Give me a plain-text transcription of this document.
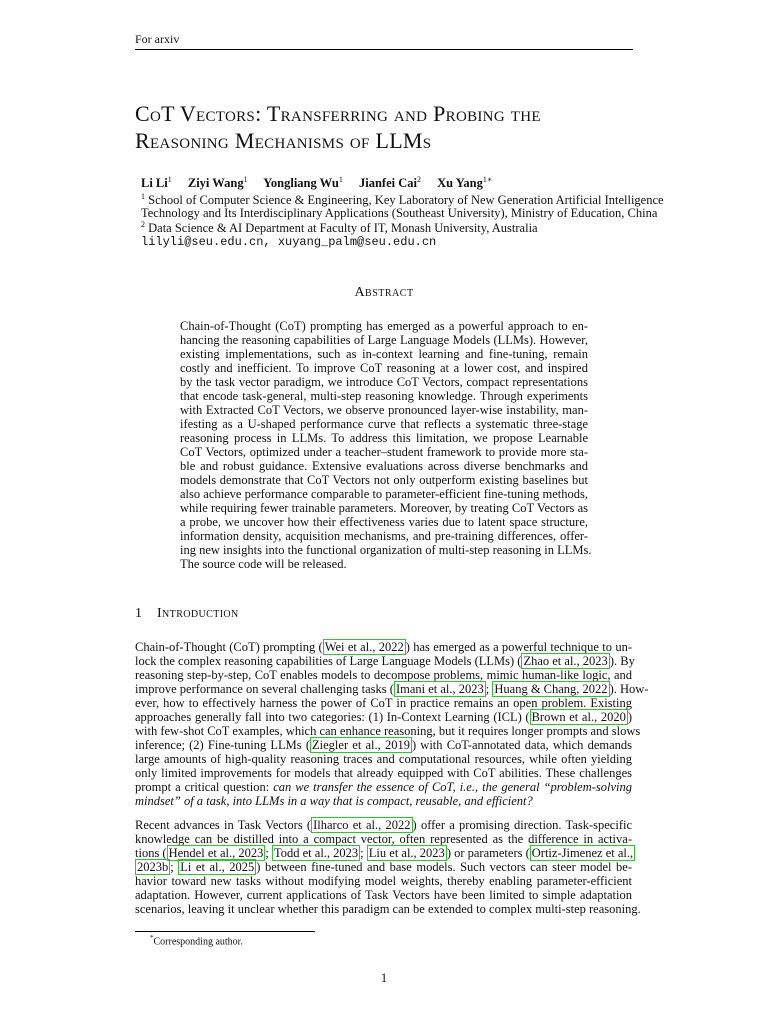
For arxiv
CoT Vectors: Transferring and Probing the
Reasoning Mechanisms of LLMs
Li Li$^1$ Ziyi Wang$^1$ Yongliang Wu$^1$ Jianfei Cai$^2$ Xu Yang$^{1∗}$
$^1$ School of Computer Science & Engineering, Key Laboratory of New Generation Artificial Intelligence
Technology and Its Interdisciplinary Applications (Southeast University), Ministry of Education, China
$^2$ Data Science & AI Department at Faculty of IT, Monash University, Australia
lilyli@seu.edu.cn, xuyang_palm@seu.edu.cn
Abstract
Chain-of-Thought (CoT) prompting has emerged as a powerful approach to en-
hancing the reasoning capabilities of Large Language Models (LLMs). However,
existing implementations, such as in-context learning and fine-tuning, remain
costly and inefficient. To improve CoT reasoning at a lower cost, and inspired
by the task vector paradigm, we introduce CoT Vectors, compact representations
that encode task-general, multi-step reasoning knowledge. Through experiments
with Extracted CoT Vectors, we observe pronounced layer-wise instability, man-
ifesting as a U-shaped performance curve that reflects a systematic three-stage
reasoning process in LLMs. To address this limitation, we propose Learnable
CoT Vectors, optimized under a teacher–student framework to provide more sta-
ble and robust guidance. Extensive evaluations across diverse benchmarks and
models demonstrate that CoT Vectors not only outperform existing baselines but
also achieve performance comparable to parameter-efficient fine-tuning methods,
while requiring fewer trainable parameters. Moreover, by treating CoT Vectors as
a probe, we uncover how their effectiveness varies due to latent space structure,
information density, acquisition mechanisms, and pre-training differences, offer-
ing new insights into the functional organization of multi-step reasoning in LLMs.
The source code will be released.
1 Introduction
Chain-of-Thought (CoT) prompting ( Wei et al., 2022 ) has emerged as a powerful technique to un-
lock the complex reasoning capabilities of Large Language Models (LLMs) ( Zhao et al., 2023 ). By
reasoning step-by-step, CoT enables models to decompose problems, mimic human-like logic, and
improve performance on several challenging tasks ( Imani et al., 2023 ; Huang & Chang, 2022 ). How-
ever, how to effectively harness the power of CoT in practice remains an open problem. Existing
approaches generally fall into two categories: (1) In-Context Learning (ICL) ( Brown et al., 2020 )
with few-shot CoT examples, which can enhance reasoning, but it requires longer prompts and slows
inference; (2) Fine-tuning LLMs ( Ziegler et al., 2019 ) with CoT-annotated data, which demands
large amounts of high-quality reasoning traces and computational resources, while often yielding
only limited improvements for models that already equipped with CoT abilities. These challenges
prompt a critical question: can we transfer the essence of CoT, i.e., the general “problem-solving
mindset” of a task, into LLMs in a way that is compact, reusable, and efficient?
Recent advances in Task Vectors ( Ilharco et al., 2022 ) offer a promising direction. Task-specific
knowledge can be distilled into a compact vector, often represented as the difference in activa-
tions ( Hendel et al., 2023 ; Todd et al., 2023 ; Liu et al., 2023 ) or parameters ( Ortiz-Jimenez et al.,
2023b ; Li et al., 2025 ) between fine-tuned and base models. Such vectors can steer model be-
havior toward new tasks without modifying model weights, thereby enabling parameter-efficient
adaptation. However, current applications of Task Vectors have been limited to simple adaptation
scenarios, leaving it unclear whether this paradigm can be extended to complex multi-step reasoning.
*Corresponding author.
1
